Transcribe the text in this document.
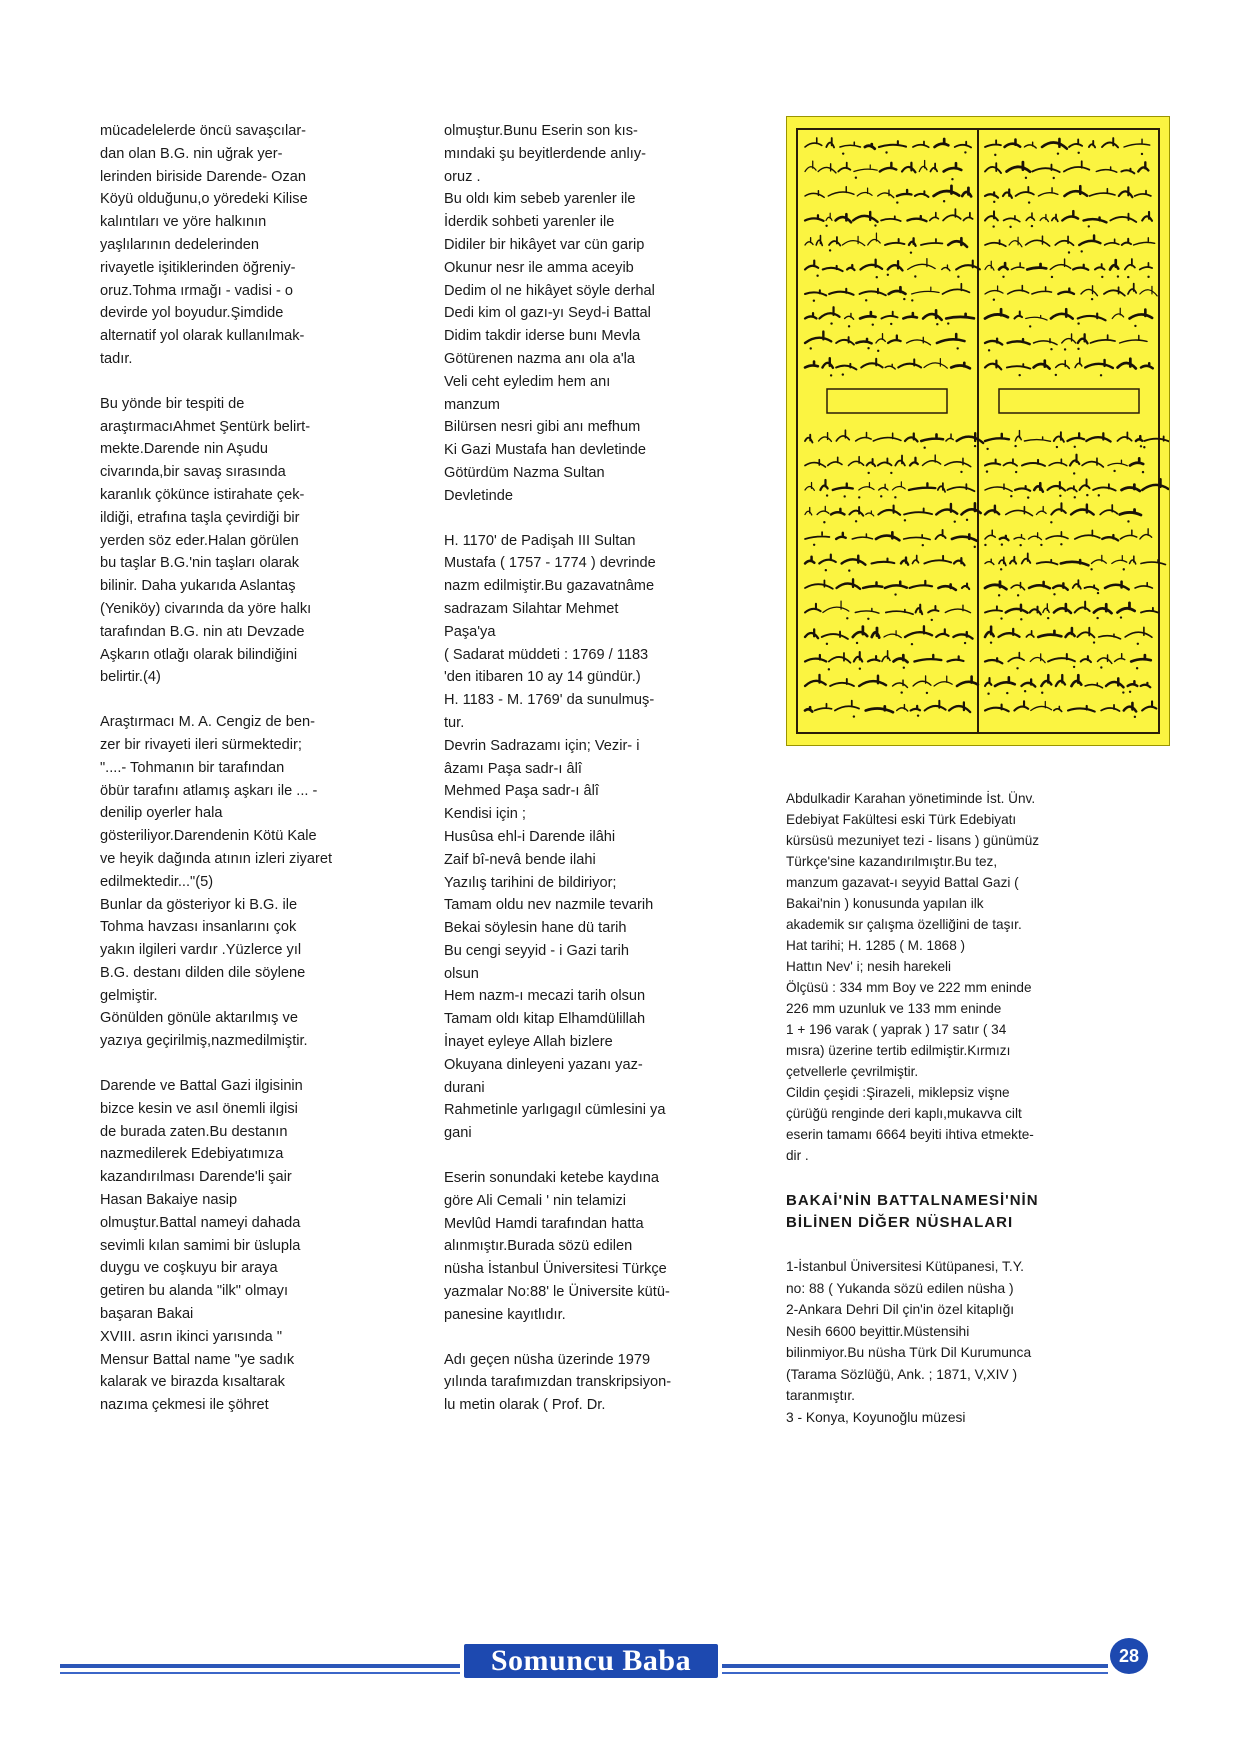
mücadelelerde öncü savaşcılar-
dan olan B.G. nin uğrak yer-
lerinden biriside Darende- Ozan
Köyü olduğunu,o yöredeki Kilise
kalıntıları ve yöre halkının
yaşlılarının dedelerinden
rivayetle işitiklerinden öğreniy-
oruz.Tohma ırmağı - vadisi - o
devirde yol boyudur.Şimdide
alternatif yol olarak kullanılmak-
tadır.

Bu yönde bir tespiti de
araştırmacıAhmet Şentürk belirt-
mekte.Darende nin Aşudu
civarında,bir savaş sırasında
karanlık çökünce istirahate çek-
ildiği, etrafına taşla çevirdiği bir
yerden söz eder.Halan görülen
bu taşlar B.G.'nin taşları olarak
bilinir. Daha yukarıda Aslantaş
(Yeniköy) civarında da yöre halkı
tarafından B.G. nin atı Devzade
Aşkarın otlağı olarak bilindiğini
belirtir.(4)

Araştırmacı M. A. Cengiz de ben-
zer bir rivayeti ileri sürmektedir;
"....- Tohmanın bir tarafından
öbür tarafını atlamış aşkarı ile ... -
denilip oyerler hala
gösteriliyor.Darendenin Kötü Kale
ve heyik dağında atının izleri ziyaret
edilmektedir..."(5)
Bunlar da gösteriyor ki B.G. ile
Tohma havzası insanlarını çok
yakın ilgileri vardır .Yüzlerce yıl
B.G. destanı dilden dile söylene
gelmiştir.
Gönülden gönüle aktarılmış ve
yazıya geçirilmiş,nazmedilmiştir.

Darende ve Battal Gazi ilgisinin
bizce kesin ve asıl önemli ilgisi
de burada zaten.Bu destanın
nazmedilerek Edebiyatımıza
kazandırılması Darende'li şair
Hasan Bakaiye nasip
olmuştur.Battal nameyi dahada
sevimli kılan samimi bir üslupla
duygu ve coşkuyu bir araya
getiren bu alanda "ilk" olmayı
başaran Bakai
XVIII. asrın ikinci yarısında "
Mensur Battal name "ye sadık
kalarak ve birazda kısaltarak
nazıma çekmesi ile şöhret

olmuştur.Bunu Eserin son kıs-
mındaki şu beyitlerdende anlıy-
oruz .
Bu oldı kim sebeb yarenler ile
İderdik sohbeti yarenler ile
Didiler bir hikâyet var cün garip
Okunur nesr ile amma aceyib
Dedim ol ne hikâyet söyle derhal
Dedi kim ol gazı-yı Seyd-i Battal
Didim takdir iderse bunı Mevla
Götürenen nazma anı ola a'la
Veli ceht eyledim hem anı
manzum
Bilürsen nesri gibi anı mefhum
Ki Gazi Mustafa han devletinde
Götürdüm Nazma Sultan
Devletinde

H. 1170' de Padişah III Sultan
Mustafa ( 1757 - 1774 ) devrinde
nazm edilmiştir.Bu gazavatnâme
sadrazam Silahtar Mehmet
Paşa'ya
( Sadarat müddeti : 1769 / 1183
'den itibaren 10 ay 14 gündür.)
H. 1183 - M. 1769' da sunulmuş-
tur.
Devrin Sadrazamı için; Vezir- i
âzamı Paşa sadr-ı âlî
Mehmed Paşa sadr-ı âlî
Kendisi için ;
Husûsa ehl-i Darende ilâhi
Zaif bî-nevâ bende ilahi
Yazılış tarihini de bildiriyor;
Tamam oldu nev nazmile tevarih
Bekai söylesin hane dü tarih
Bu cengi seyyid - i Gazi tarih
olsun
Hem nazm-ı mecazi tarih olsun
Tamam oldı kitap Elhamdülillah
İnayet eyleye Allah bizlere
Okuyana dinleyeni yazanı yaz-
durani
Rahmetinle yarlıgagıl cümlesini ya
gani

Eserin sonundaki ketebe kaydına
göre Ali Cemali ' nin telamizi
Mevlûd Hamdi tarafından hatta
alınmıştır.Burada sözü edilen
nüsha İstanbul Üniversitesi Türkçe
yazmalar No:88' le Üniversite kütü-
panesine kayıtlıdır.

Adı geçen nüsha üzerinde 1979
yılında tarafımızdan transkripsiyon-
lu metin olarak ( Prof. Dr.

Abdulkadir Karahan yönetiminde İst. Ünv.
Edebiyat Fakültesi eski Türk Edebiyatı
kürsüsü mezuniyet tezi - lisans ) günümüz
Türkçe'sine kazandırılmıştır.Bu tez,
manzum gazavat-ı seyyid Battal Gazi (
Bakai'nin ) konusunda yapılan ilk
akademik sır çalışma özelliğini de taşır.
Hat tarihi; H. 1285 ( M. 1868 )
Hattın Nev' i; nesih harekeli
Ölçüsü : 334 mm Boy ve 222 mm eninde
226 mm uzunluk ve 133 mm eninde
1 + 196 varak ( yaprak ) 17 satır ( 34
mısra) üzerine tertib edilmiştir.Kırmızı
çetvellerle çevrilmiştir.
Cildin çeşidi :Şirazeli, miklepsiz vişne
çürüğü renginde deri kaplı,mukavva cilt
eserin tamamı 6664 beyiti ihtiva etmekte-
dir .

BAKAİ'NİN BATTALNAMESİ'NİN
BİLİNEN DİĞER NÜSHALARI

1-İstanbul Üniversitesi Kütüpanesi, T.Y.
no: 88 ( Yukanda sözü edilen nüsha )
2-Ankara Dehri Dil çin'in özel kitaplığı
Nesih 6600 beyittir.Müstensihi
bilinmiyor.Bu nüsha Türk Dil Kurumunca
(Tarama Sözlüğü, Ank. ; 1871, V,XIV )
taranmıştır.
3 - Konya, Koyunoğlu müzesi

Somuncu Baba	28
